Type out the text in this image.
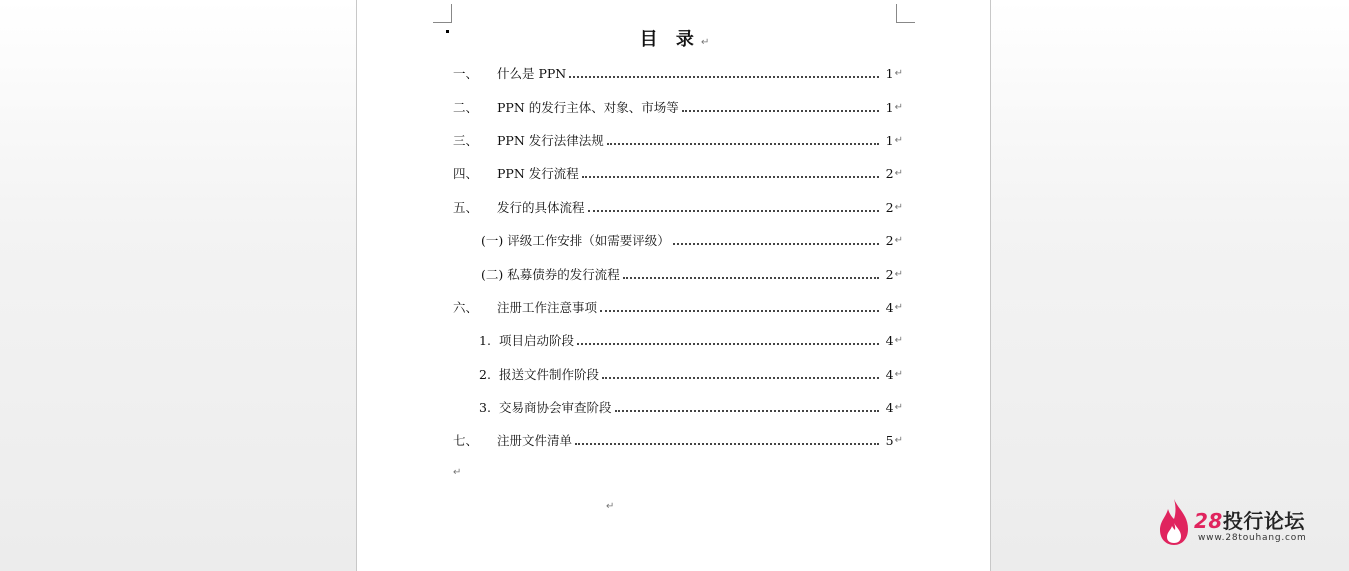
目 录↵
一、	什么是 PPN	1 ↵
二、	PPN 的发行主体、对象、市场等	1 ↵
三、	PPN 发行法律法规	1 ↵
四、	PPN 发行流程	2 ↵
五、	发行的具体流程	2 ↵
(一) 评级工作安排（如需要评级）	2 ↵
(二) 私募债券的发行流程	2 ↵
六、	注册工作注意事项	4 ↵
1. 项目启动阶段	4 ↵
2. 报送文件制作阶段	4 ↵
3. 交易商协会审查阶段	4 ↵
七、	注册文件清单	5 ↵
↵
↵
28投行论坛
www.28touhang.com
